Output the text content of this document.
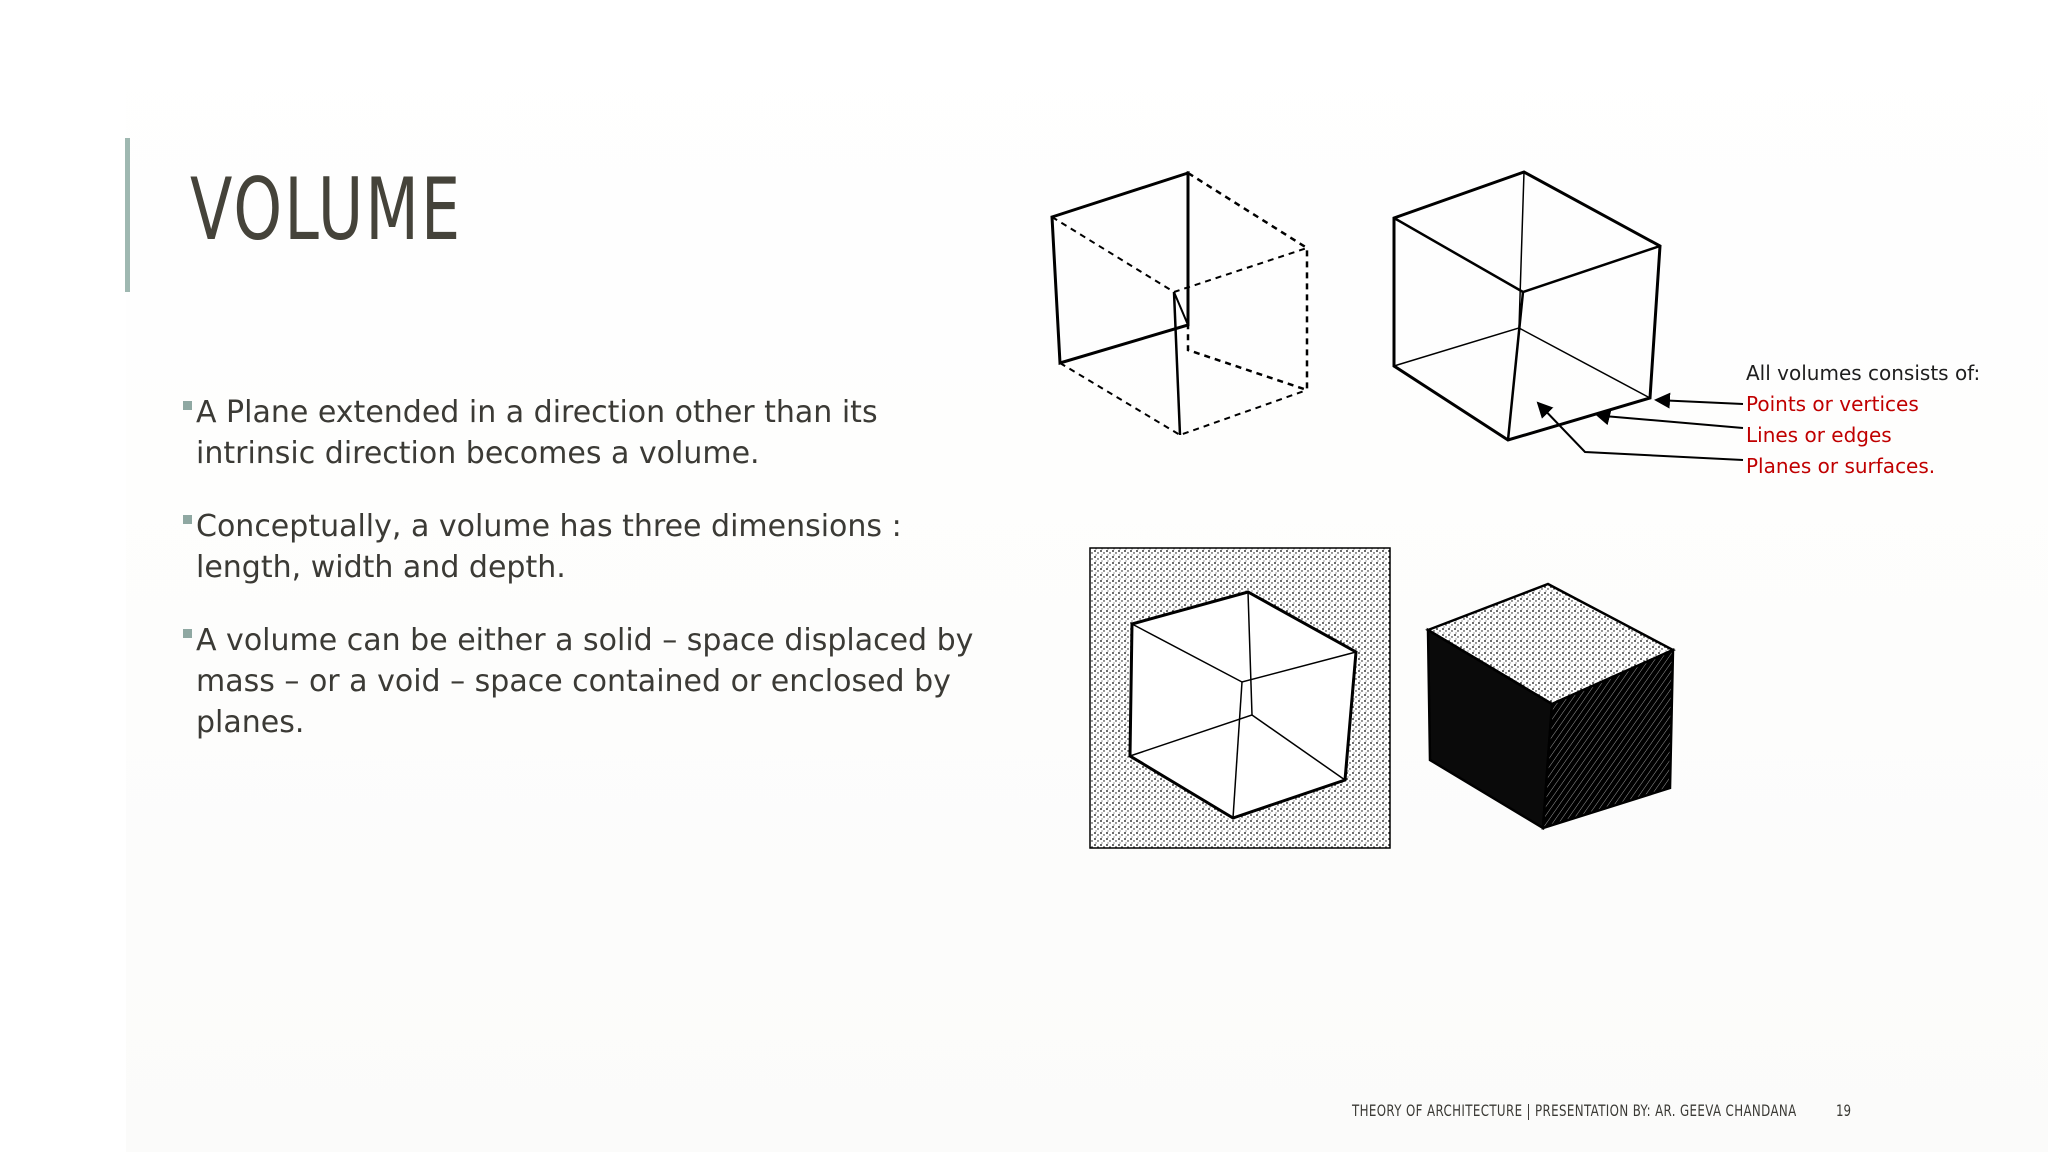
VOLUME
A Plane extended in a direction other than its intrinsic direction becomes a volume.
Conceptually, a volume has three dimensions : length, width and depth.
A volume can be either a solid – space displaced by mass – or a void – space contained or enclosed by planes.
All volumes consists of:
Points or vertices
Lines or edges
Planes or surfaces.
THEORY OF ARCHITECTURE | PRESENTATION BY: AR. GEEVA CHANDANA 19
